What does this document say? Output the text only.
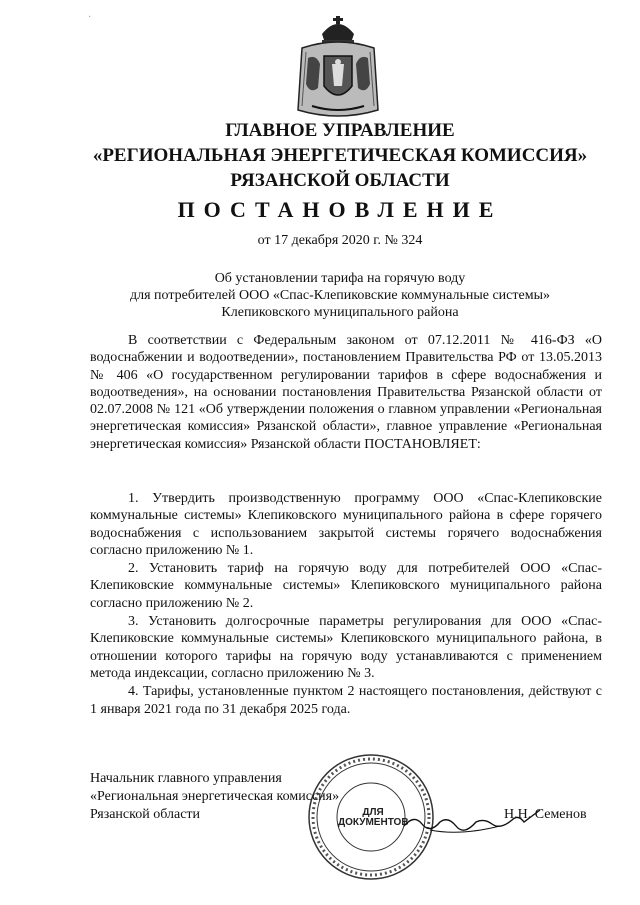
·
ГЛАВНОЕ УПРАВЛЕНИЕ
«РЕГИОНАЛЬНАЯ ЭНЕРГЕТИЧЕСКАЯ КОМИССИЯ»
РЯЗАНСКОЙ ОБЛАСТИ
ПОСТАНОВЛЕНИЕ
от 17 декабря 2020 г. № 324
Об установлении тарифа на горячую воду
для потребителей ООО «Спас-Клепиковские коммунальные системы»
Клепиковского муниципального района

В соответствии с Федеральным законом от 07.12.2011 № 416-ФЗ «О водоснабжении и водоотведении», постановлением Правительства РФ от 13.05.2013 № 406 «О государственном регулировании тарифов в сфере водоснабжения и водоотведения», на основании постановления Правительства Рязанской области от 02.07.2008 № 121 «Об утверждении положения о главном управлении «Региональная энергетическая комиссия» Рязанской области», главное управление «Региональная энергетическая комиссия» Рязанской области ПОСТАНОВЛЯЕТ:

1. Утвердить производственную программу ООО «Спас-Клепиковские коммунальные системы» Клепиковского муниципального района в сфере горячего водоснабжения с использованием закрытой системы горячего водоснабжения согласно приложению № 1.

2. Установить тариф на горячую воду для потребителей ООО «Спас-Клепиковские коммунальные системы» Клепиковского муниципального района согласно приложению № 2.

3. Установить долгосрочные параметры регулирования для ООО «Спас-Клепиковские коммунальные системы» Клепиковского муниципального района, в отношении которого тарифы на горячую воду устанавливаются с применением метода индексации, согласно приложению № 3.

4. Тарифы, установленные пунктом 2 настоящего постановления, действуют с 1 января 2021 года по 31 декабря 2025 года.

ДЛЯ ДОКУМЕНТОВ
Начальник главного управления
«Региональная энергетическая комиссия»
Рязанской области	Н.Н. Семенов
